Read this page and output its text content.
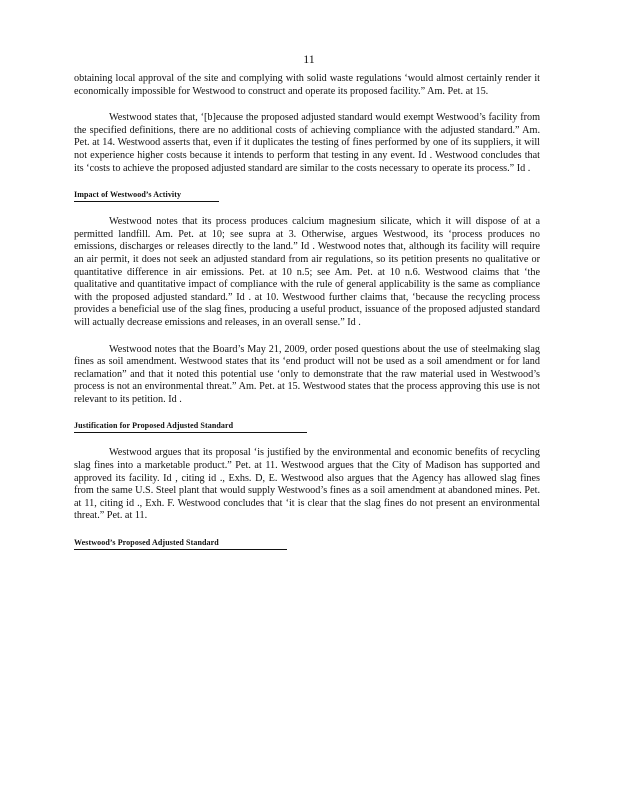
11

obtaining local approval of the site and complying with solid waste regulations ‘would almost certainly render it economically impossible for Westwood to construct and operate its proposed facility.” Am. Pet. at 15.

Westwood states that, ‘[b]ecause the proposed adjusted standard would exempt Westwood’s facility from the specified definitions, there are no additional costs of achieving compliance with the adjusted standard.” Am. Pet. at 14. Westwood asserts that, even if it duplicates the testing of fines performed by one of its suppliers, it will not experience higher costs because it intends to perform that testing in any event. Id . Westwood concludes that its ‘costs to achieve the proposed adjusted standard are similar to the costs necessary to operate its process.” Id .

Impact of Westwood’s Activity

Westwood notes that its process produces calcium magnesium silicate, which it will dispose of at a permitted landfill. Am. Pet. at 10; see supra at 3. Otherwise, argues Westwood, its ‘process produces no emissions, discharges or releases directly to the land.” Id . Westwood notes that, although its facility will require an air permit, it does not seek an adjusted standard from air regulations, so its petition presents no qualitative or quantitative difference in air emissions. Pet. at 10 n.5; see Am. Pet. at 10 n.6. Westwood claims that ‘the qualitative and quantitative impact of compliance with the rule of general applicability is the same as compliance with the proposed adjusted standard.” Id . at 10. Westwood further claims that, ‘because the recycling process provides a beneficial use of the slag fines, producing a useful product, issuance of the proposed adjusted standard will actually decrease emissions and releases, in an overall sense.” Id .

Westwood notes that the Board’s May 21, 2009, order posed questions about the use of steelmaking slag fines as soil amendment. Westwood states that its ‘end product will not be used as a soil amendment or for land reclamation” and that it noted this potential use ‘only to demonstrate that the raw material used in Westwood’s process is not an environmental threat.” Am. Pet. at 15. Westwood states that the process approving this use is not relevant to its petition. Id .

Justification for Proposed Adjusted Standard

Westwood argues that its proposal ‘is justified by the environmental and economic benefits of recycling slag fines into a marketable product.” Pet. at 11. Westwood argues that the City of Madison has supported and approved its facility. Id , citing id ., Exhs. D, E. Westwood also argues that the Agency has allowed slag fines from the same U.S. Steel plant that would supply Westwood’s fines as a soil amendment at abandoned mines. Pet. at 11, citing id ., Exh. F. Westwood concludes that ‘it is clear that the slag fines do not present an environmental threat.” Pet. at 11.

Westwood’s Proposed Adjusted Standard
